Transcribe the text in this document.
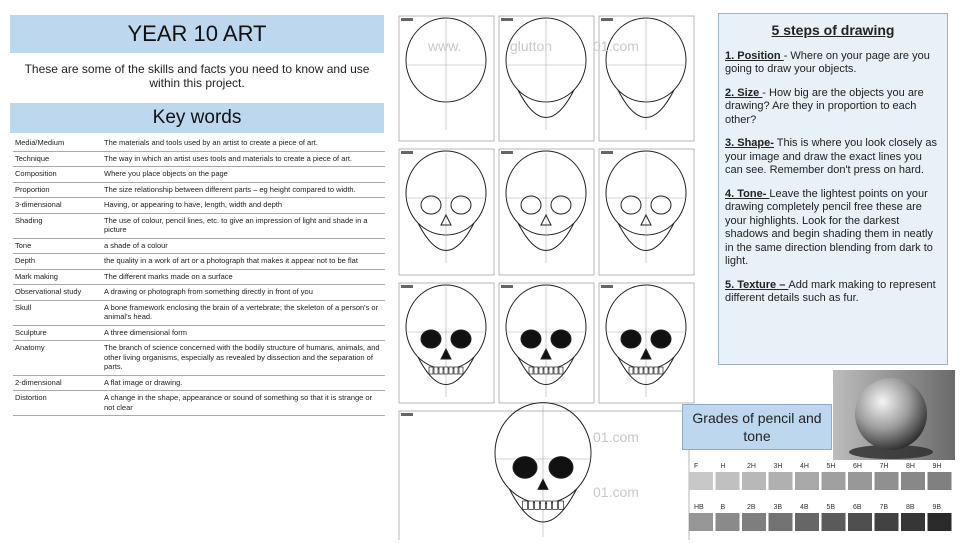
YEAR 10 ART
These are some of the skills and facts you need to know and use within this project.
Key words
Media/Medium	The materials and tools used by an artist to create a piece of art.
Technique	The way in which an artist uses tools and materials to create a piece of art.
Composition	Where you place objects on the page
Proportion	The size relationship between different parts – eg height compared to width.
3-dimensional	Having, or appearing to have, length, width and depth
Shading	The use of colour, pencil lines, etc. to give an impression of light and shade in a picture
Tone	a shade of a colour
Depth	the quality in a work of art or a photograph that makes it appear not to be flat
Mark making	The different marks made on a surface
Observational study	A drawing or photograph from something directly in front of you
Skull	A bone framework enclosing the brain of a vertebrate; the skeleton of a person's or animal's head.
Sculpture	A three dimensional form
Anatomy	The branch of science concerned with the bodily structure of humans, animals, and other living organisms, especially as revealed by dissection and the separation of parts.
2-dimensional	A flat image or drawing.
Distortion	A change in the shape, appearance or sound of something so that it is strange or not clear
www.	glutton	01.com
01.com
01.com
5 steps of drawing

1. Position - Where on your page are you going to draw your objects.

2. Size - How big are the objects you are drawing? Are they in proportion to each other?

3. Shape- This is where you look closely as your image and draw the exact lines you can see. Remember don't press on hard.

4. Tone- Leave the lightest points on your drawing completely pencil free these are your highlights. Look for the darkest shadows and begin shading them in neatly in the same direction blending from dark to light.

5. Texture – Add mark making to represent different details such as fur.

Grades of pencil and tone
F	H	2H	3H	4H	5H	6H	7H	8H	9H
HB B	2B	3B	4B	5B	6B	7B	8B	9B
